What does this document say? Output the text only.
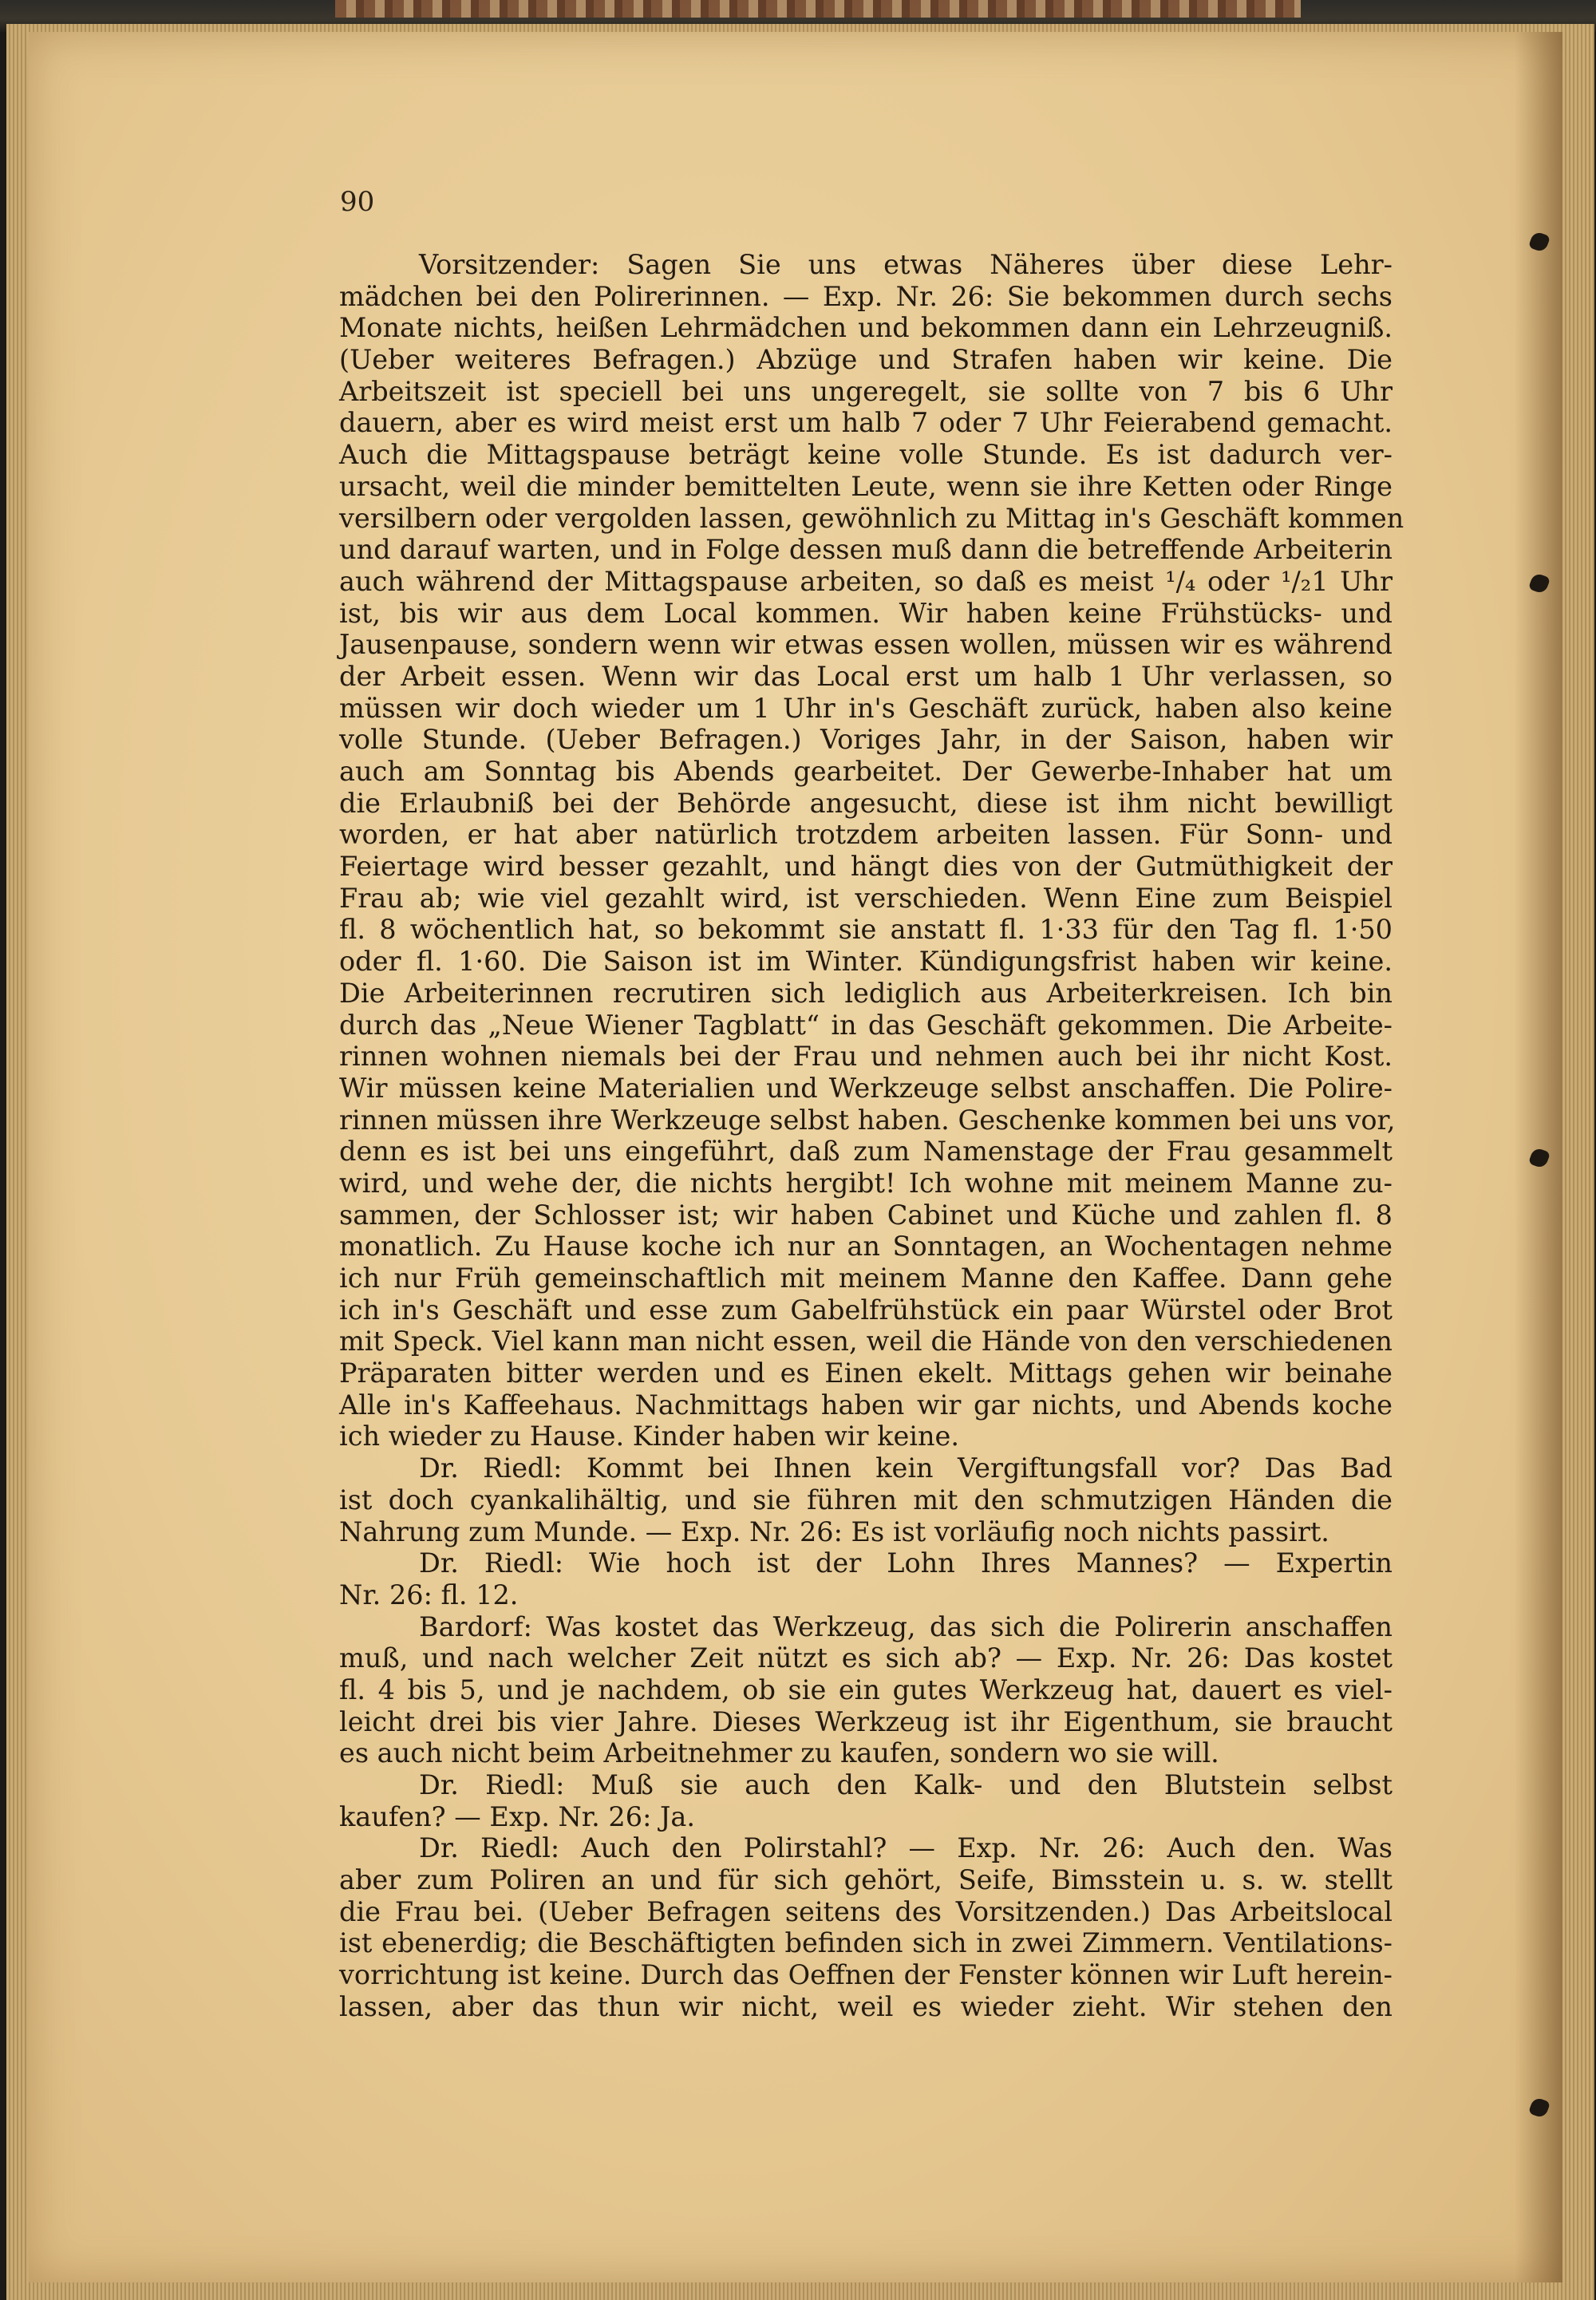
90
Vorsitzender: Sagen Sie uns etwas Näheres über diese Lehr-
mädchen bei den Polirerinnen. — Exp. Nr. 26: Sie bekommen durch sechs
Monate nichts, heißen Lehrmädchen und bekommen dann ein Lehrzeugniß.
(Ueber weiteres Befragen.) Abzüge und Strafen haben wir keine. Die
Arbeitszeit ist speciell bei uns ungeregelt, sie sollte von 7 bis 6 Uhr
dauern, aber es wird meist erst um halb 7 oder 7 Uhr Feierabend gemacht.
Auch die Mittagspause beträgt keine volle Stunde. Es ist dadurch ver-
ursacht, weil die minder bemittelten Leute, wenn sie ihre Ketten oder Ringe
versilbern oder vergolden lassen, gewöhnlich zu Mittag in's Geschäft kommen
und darauf warten, und in Folge dessen muß dann die betreffende Arbeiterin
auch während der Mittagspause arbeiten, so daß es meist ¹/₄ oder ¹/₂1 Uhr
ist, bis wir aus dem Local kommen. Wir haben keine Frühstücks- und
Jausenpause, sondern wenn wir etwas essen wollen, müssen wir es während
der Arbeit essen. Wenn wir das Local erst um halb 1 Uhr verlassen, so
müssen wir doch wieder um 1 Uhr in's Geschäft zurück, haben also keine
volle Stunde. (Ueber Befragen.) Voriges Jahr, in der Saison, haben wir
auch am Sonntag bis Abends gearbeitet. Der Gewerbe-Inhaber hat um
die Erlaubniß bei der Behörde angesucht, diese ist ihm nicht bewilligt
worden, er hat aber natürlich trotzdem arbeiten lassen. Für Sonn- und
Feiertage wird besser gezahlt, und hängt dies von der Gutmüthigkeit der
Frau ab; wie viel gezahlt wird, ist verschieden. Wenn Eine zum Beispiel
fl. 8 wöchentlich hat, so bekommt sie anstatt fl. 1·33 für den Tag fl. 1·50
oder fl. 1·60. Die Saison ist im Winter. Kündigungsfrist haben wir keine.
Die Arbeiterinnen recrutiren sich lediglich aus Arbeiterkreisen. Ich bin
durch das „Neue Wiener Tagblatt“ in das Geschäft gekommen. Die Arbeite-
rinnen wohnen niemals bei der Frau und nehmen auch bei ihr nicht Kost.
Wir müssen keine Materialien und Werkzeuge selbst anschaffen. Die Polire-
rinnen müssen ihre Werkzeuge selbst haben. Geschenke kommen bei uns vor,
denn es ist bei uns eingeführt, daß zum Namenstage der Frau gesammelt
wird, und wehe der, die nichts hergibt! Ich wohne mit meinem Manne zu-
sammen, der Schlosser ist; wir haben Cabinet und Küche und zahlen fl. 8
monatlich. Zu Hause koche ich nur an Sonntagen, an Wochentagen nehme
ich nur Früh gemeinschaftlich mit meinem Manne den Kaffee. Dann gehe
ich in's Geschäft und esse zum Gabelfrühstück ein paar Würstel oder Brot
mit Speck. Viel kann man nicht essen, weil die Hände von den verschiedenen
Präparaten bitter werden und es Einen ekelt. Mittags gehen wir beinahe
Alle in's Kaffeehaus. Nachmittags haben wir gar nichts, und Abends koche
ich wieder zu Hause. Kinder haben wir keine.
Dr. Riedl: Kommt bei Ihnen kein Vergiftungsfall vor? Das Bad
ist doch cyankalihältig, und sie führen mit den schmutzigen Händen die
Nahrung zum Munde. — Exp. Nr. 26: Es ist vorläufig noch nichts passirt.
Dr. Riedl: Wie hoch ist der Lohn Ihres Mannes? — Expertin
Nr. 26: fl. 12.
Bardorf: Was kostet das Werkzeug, das sich die Polirerin anschaffen
muß, und nach welcher Zeit nützt es sich ab? — Exp. Nr. 26: Das kostet
fl. 4 bis 5, und je nachdem, ob sie ein gutes Werkzeug hat, dauert es viel-
leicht drei bis vier Jahre. Dieses Werkzeug ist ihr Eigenthum, sie braucht
es auch nicht beim Arbeitnehmer zu kaufen, sondern wo sie will.
Dr. Riedl: Muß sie auch den Kalk- und den Blutstein selbst
kaufen? — Exp. Nr. 26: Ja.
Dr. Riedl: Auch den Polirstahl? — Exp. Nr. 26: Auch den. Was
aber zum Poliren an und für sich gehört, Seife, Bimsstein u. s. w. stellt
die Frau bei. (Ueber Befragen seitens des Vorsitzenden.) Das Arbeitslocal
ist ebenerdig; die Beschäftigten befinden sich in zwei Zimmern. Ventilations-
vorrichtung ist keine. Durch das Oeffnen der Fenster können wir Luft herein-
lassen, aber das thun wir nicht, weil es wieder zieht. Wir stehen den
